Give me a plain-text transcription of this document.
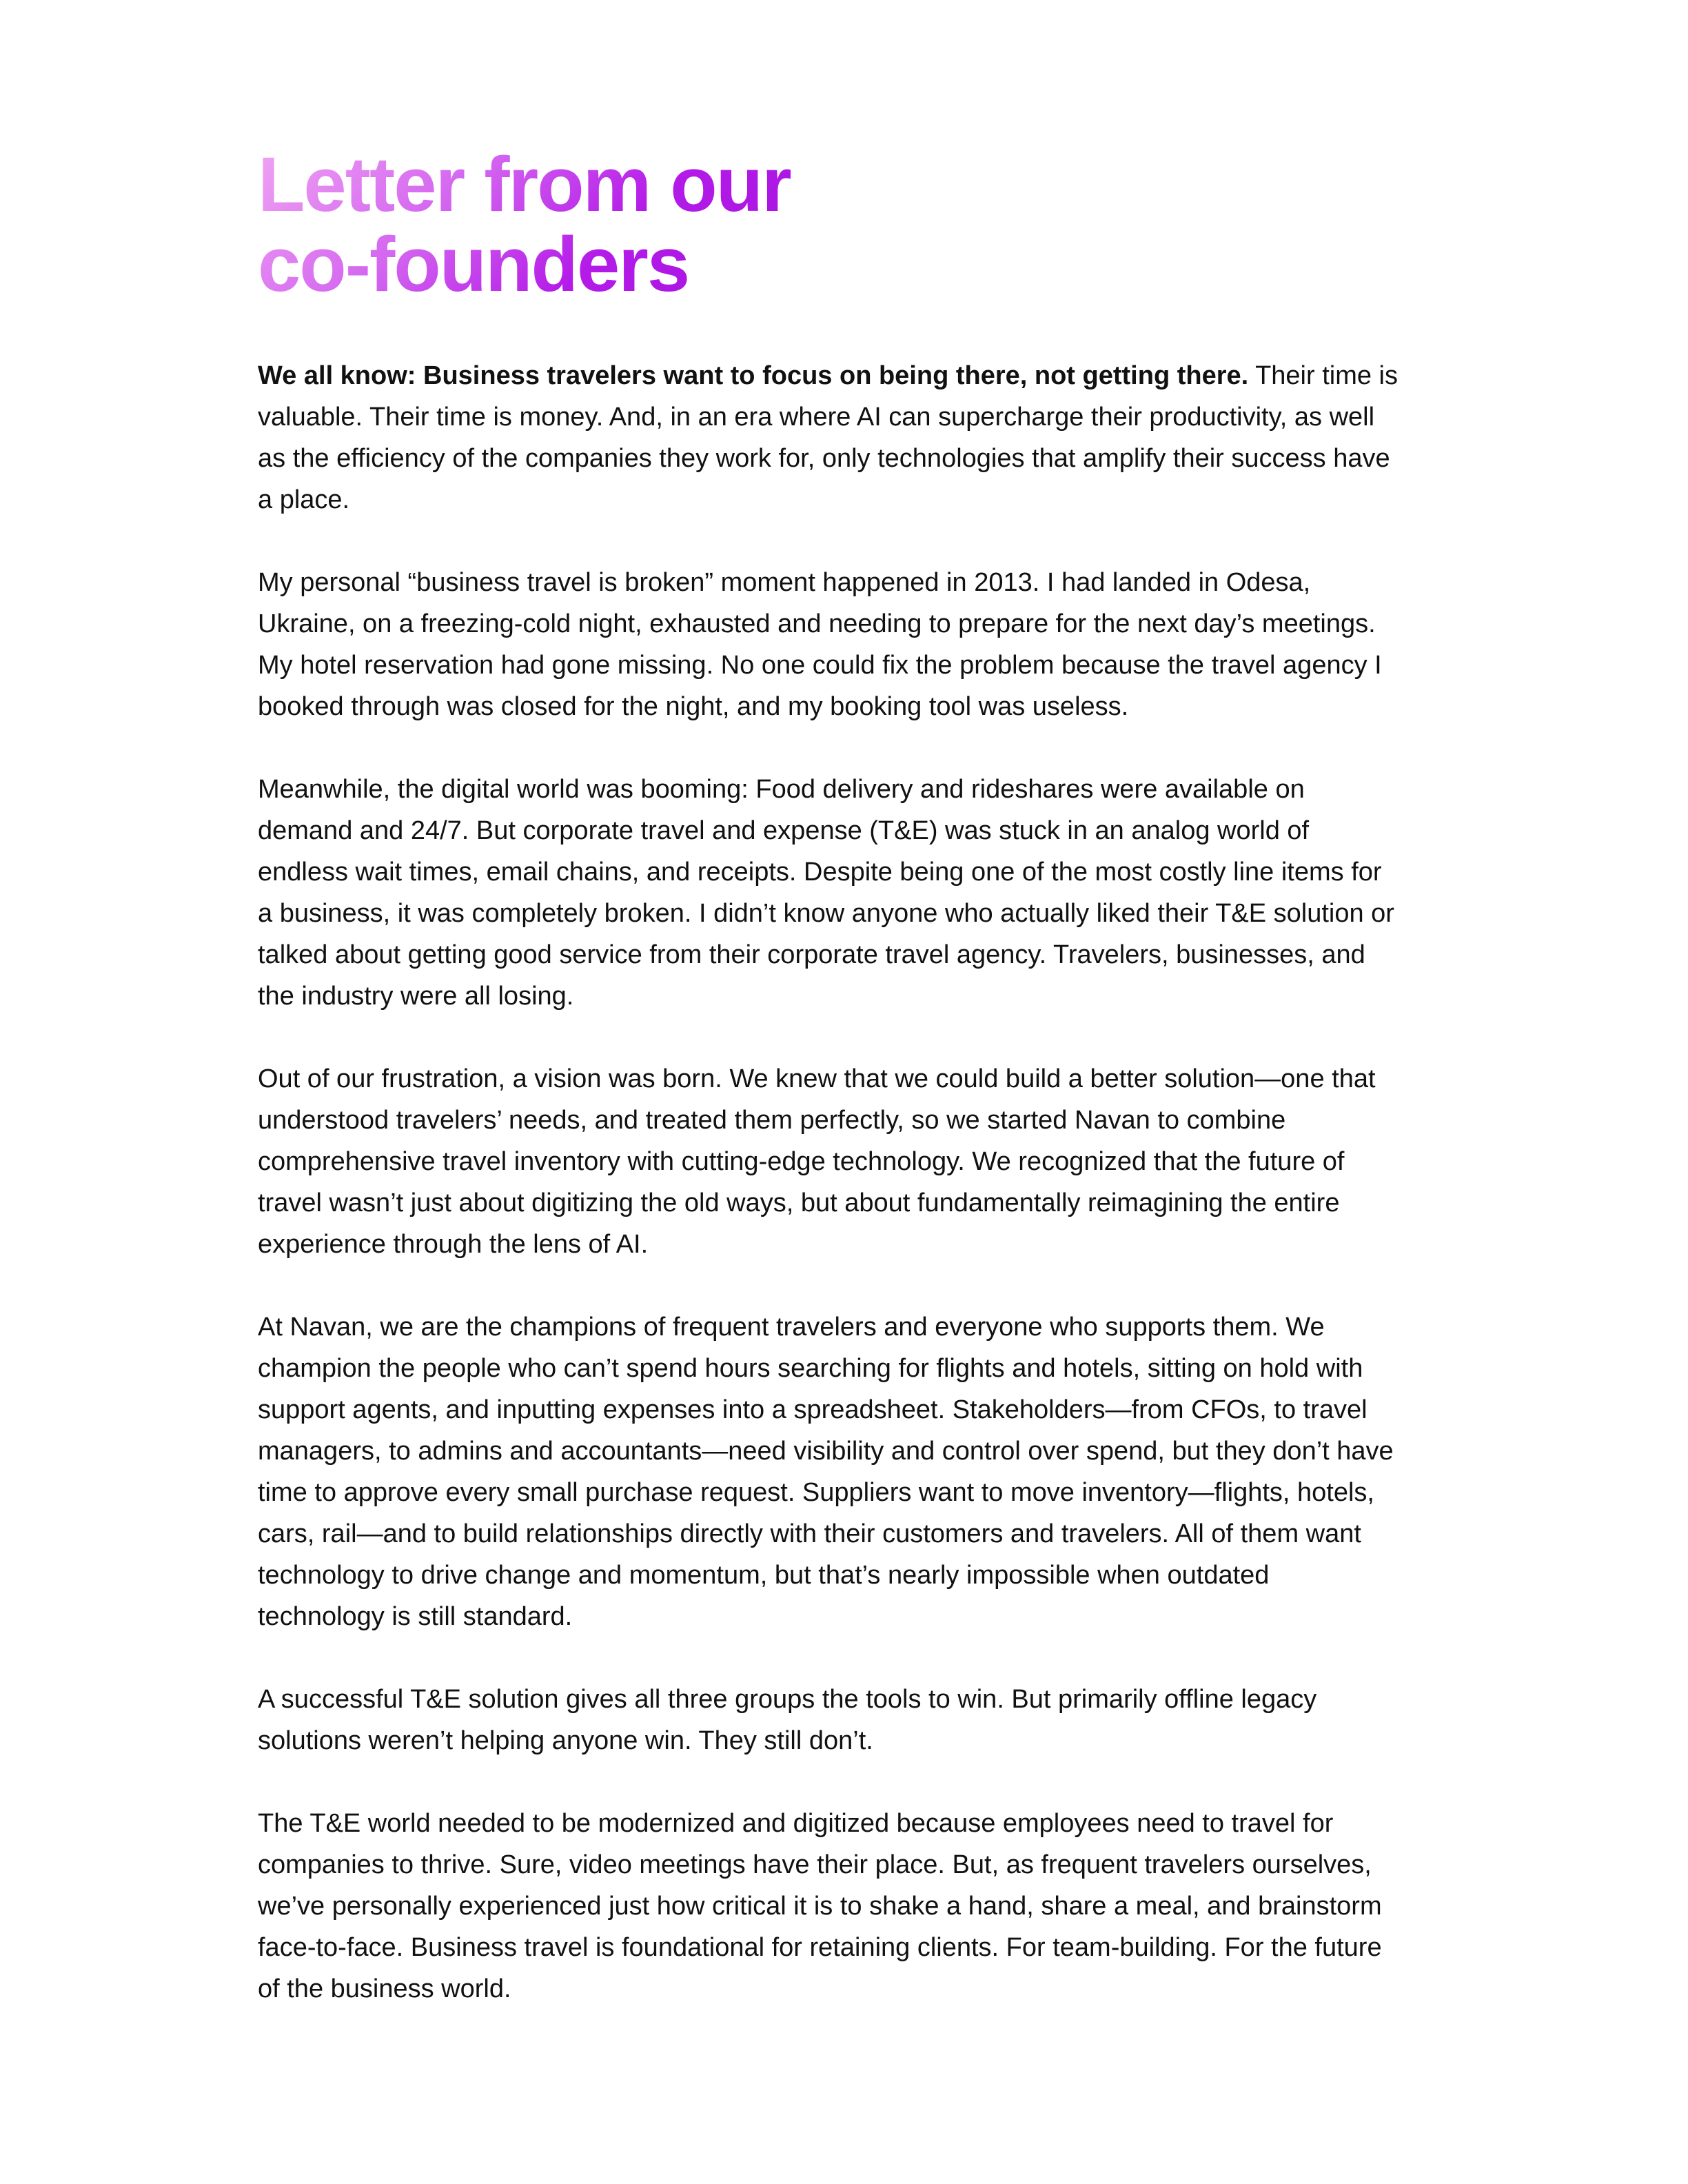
Letter from our
co-founders

We all know: Business travelers want to focus on being there, not getting there. Their time is valuable. Their time is money. And, in an era where AI can supercharge their productivity, as well as the efficiency of the companies they work for, only technologies that amplify their success have a place.

My personal “business travel is broken” moment happened in 2013. I had landed in Odesa, Ukraine, on a freezing-cold night, exhausted and needing to prepare for the next day’s meetings. My hotel reservation had gone missing. No one could fix the problem because the travel agency I booked through was closed for the night, and my booking tool was useless.

Meanwhile, the digital world was booming: Food delivery and rideshares were available on demand and 24/7. But corporate travel and expense (T&E) was stuck in an analog world of endless wait times, email chains, and receipts. Despite being one of the most costly line items for a business, it was completely broken. I didn’t know anyone who actually liked their T&E solution or talked about getting good service from their corporate travel agency. Travelers, businesses, and the industry were all losing.

Out of our frustration, a vision was born. We knew that we could build a better solution—one that understood travelers’ needs, and treated them perfectly, so we started Navan to combine comprehensive travel inventory with cutting-edge technology. We recognized that the future of travel wasn’t just about digitizing the old ways, but about fundamentally reimagining the entire experience through the lens of AI.

At Navan, we are the champions of frequent travelers and everyone who supports them. We champion the people who can’t spend hours searching for flights and hotels, sitting on hold with support agents, and inputting expenses into a spreadsheet. Stakeholders—from CFOs, to travel managers, to admins and accountants—need visibility and control over spend, but they don’t have time to approve every small purchase request. Suppliers want to move inventory—flights, hotels, cars, rail—and to build relationships directly with their customers and travelers. All of them want technology to drive change and momentum, but that’s nearly impossible when outdated technology is still standard.

A successful T&E solution gives all three groups the tools to win. But primarily offline legacy solutions weren’t helping anyone win. They still don’t.

The T&E world needed to be modernized and digitized because employees need to travel for companies to thrive. Sure, video meetings have their place. But, as frequent travelers ourselves, we’ve personally experienced just how critical it is to shake a hand, share a meal, and brainstorm face-to-face. Business travel is foundational for retaining clients. For team-building. For the future of the business world.
